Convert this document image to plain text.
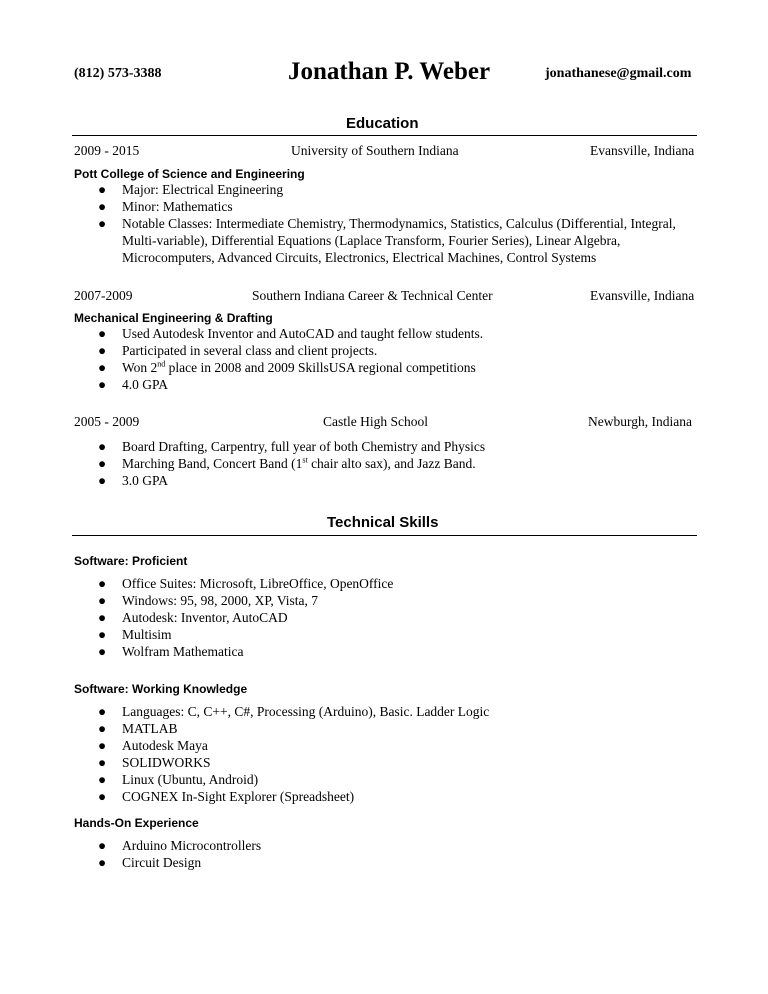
(812) 573-3388	Jonathan P. Weber	jonathanese@gmail.com
Education
2009 - 2015	University of Southern Indiana	Evansville, Indiana
Pott College of Science and Engineering
● Major: Electrical Engineering
● Minor: Mathematics
● Notable Classes: Intermediate Chemistry, Thermodynamics, Statistics, Calculus (Differential, Integral,
Multi-variable), Differential Equations (Laplace Transform, Fourier Series), Linear Algebra,
Microcomputers, Advanced Circuits, Electronics, Electrical Machines, Control Systems
2007-2009	Southern Indiana Career & Technical Center	Evansville, Indiana
Mechanical Engineering & Drafting
● Used Autodesk Inventor and AutoCAD and taught fellow students.
● Participated in several class and client projects.
● Won 2nd place in 2008 and 2009 SkillsUSA regional competitions
● 4.0 GPA
2005 - 2009	Castle High School	Newburgh, Indiana
● Board Drafting, Carpentry, full year of both Chemistry and Physics
● Marching Band, Concert Band (1st chair alto sax), and Jazz Band.
● 3.0 GPA
Technical Skills
Software: Proficient
● Office Suites: Microsoft, LibreOffice, OpenOffice
● Windows: 95, 98, 2000, XP, Vista, 7
● Autodesk: Inventor, AutoCAD
● Multisim
● Wolfram Mathematica
Software: Working Knowledge
● Languages: C, C++, C#, Processing (Arduino), Basic. Ladder Logic
● MATLAB
● Autodesk Maya
● SOLIDWORKS
● Linux (Ubuntu, Android)
● COGNEX In-Sight Explorer (Spreadsheet)
Hands-On Experience
● Arduino Microcontrollers
● Circuit Design
